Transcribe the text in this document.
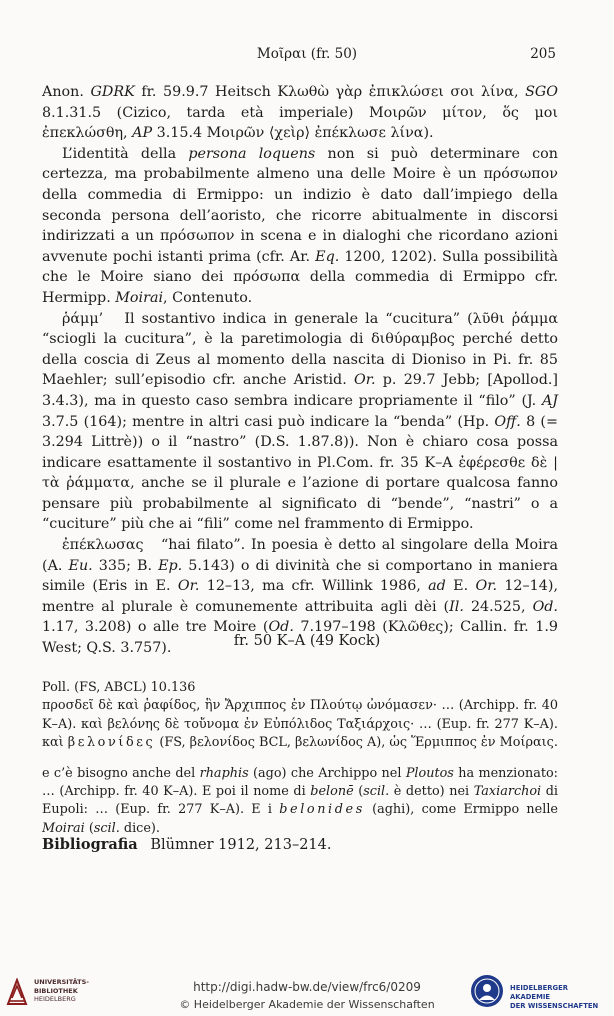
Μοῖραι (fr. 50)	205

Anon. GDRK fr. 59.9.7 Heitsch Κλωθὼ γὰρ ἐπικλώσει σοι λίνα, SGO 8.1.31.5 (Cizico, tarda età imperiale) Μοιρῶν μίτον, ὅς μοι ἐπεκλώσθη, AP 3.15.4 Μοιρῶν ⟨χεὶρ⟩ ἐπέκλωσε λίνα).

L’identità della persona loquens non si può determinare con certezza, ma probabilmente almeno una delle Moire è un πρόσωπον della commedia di Ermippo: un indizio è dato dall’impiego della seconda persona dell’aoristo, che ricorre abitualmente in discorsi indirizzati a un πρόσωπον in scena e in dialoghi che ricordano azioni avvenute pochi istanti prima (cfr. Ar. Eq. 1200, 1202). Sulla possibilità che le Moire siano dei πρόσωπα della commedia di Ermippo cfr. Hermipp. Moirai, Contenuto.

ῥάμμ’ Il sostantivo indica in generale la “cucitura” (λῦθι ῥάμμα “sciogli la cucitura”, è la paretimologia di διθύραμβος perché detto della coscia di Zeus al momento della nascita di Dioniso in Pi. fr. 85 Maehler; sull’episodio cfr. anche Aristid. Or. p. 29.7 Jebb; [Apollod.] 3.4.3), ma in questo caso sembra indicare propriamente il “filo” (J. AJ 3.7.5 (164); mentre in altri casi può indicare la “benda” (Hp. Off. 8 (= 3.294 Littrè)) o il “nastro” (D.S. 1.87.8)). Non è chiaro cosa possa indicare esattamente il sostantivo in Pl.Com. fr. 35 K–A ἐφέρεσθε δὲ | τὰ ῥάμματα, anche se il plurale e l’azione di portare qualcosa fanno pensare più probabilmente al significato di “bende”, “nastri” o a “cuciture” più che ai “fili” come nel frammento di Ermippo.

ἐπέκλωσας “hai filato”. In poesia è detto al singolare della Moira (A. Eu. 335; B. Ep. 5.143) o di divinità che si comportano in maniera simile (Eris in E. Or. 12–13, ma cfr. Willink 1986, ad E. Or. 12–14), mentre al plurale è comunemente attribuita agli dèi (Il. 24.525, Od. 1.17, 3.208) o alle tre Moire (Od. 7.197–198 (Κλῶθες); Callin. fr. 1.9 West; Q.S. 3.757).	fr. 50 K–A (49 Kock)

Poll. (FS, ABCL) 10.136

προσδεῖ δὲ καὶ ῥαφίδος, ἣν Ἄρχιππος ἐν Πλούτῳ ὠνόμασεν· … (Archipp. fr. 40 K–A). καὶ βελόνης δὲ τοὔνομα ἐν Εὐπόλιδος Ταξιάρχοις· … (Eup. fr. 277 K–A). καὶ βελονίδες (FS, βελονίδος BCL, βελωνίδος A), ὡς Ἕρμιππος ἐν Μοίραις.

e c’è bisogno anche del rhaphis (ago) che Archippo nel Ploutos ha menzionato: … (Archipp. fr. 40 K–A). E poi il nome di belonē (scil. è detto) nei Taxiarchoi di Eupoli: … (Eup. fr. 277 K–A). E i belonides (aghi), come Ermippo nelle Moirai (scil. dice).

Bibliografia Blümner 1912, 213–214.
UNIVERSITÄTS-
BIBLIOTHEK
HEIDELBERG
http://digi.hadw-bw.de/view/frc6/0209
© Heidelberger Akademie der Wissenschaften
HEIDELBERGER AKADEMIE
DER WISSENSCHAFTEN
